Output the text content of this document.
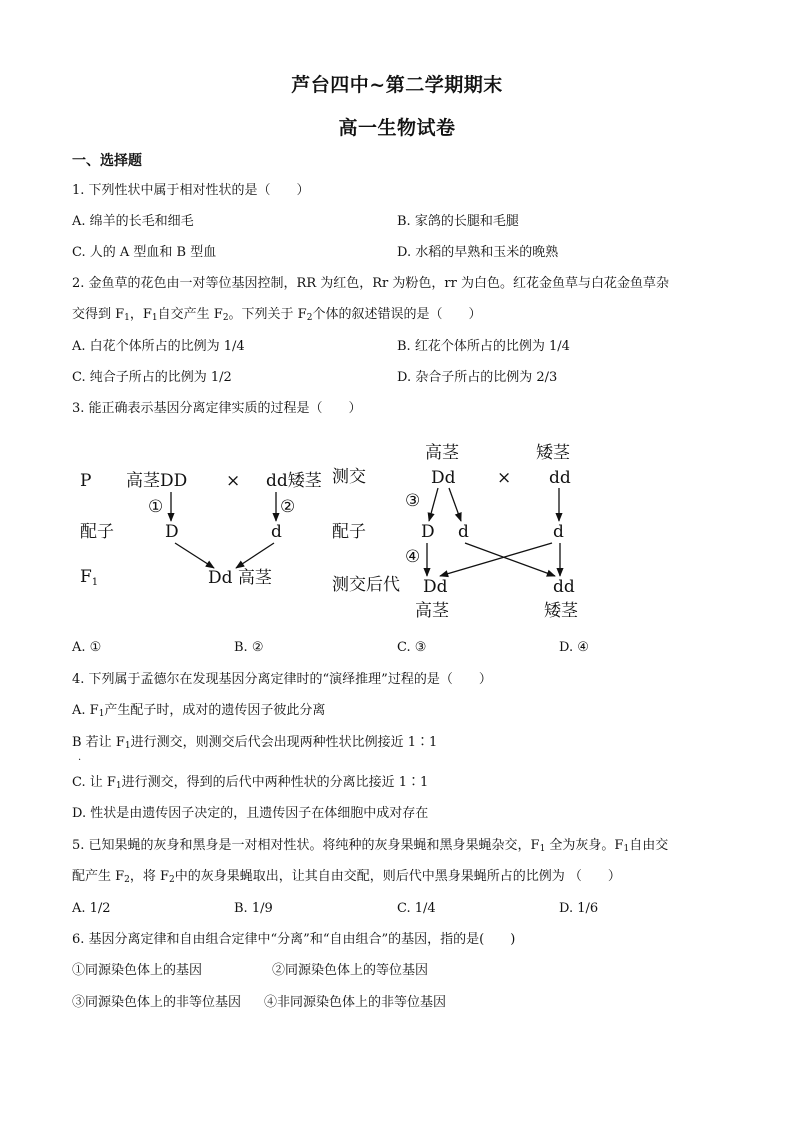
芦台四中~第二学期期末
高一生物试卷
一、选择题
1. 下列性状中属于相对性状的是（　　）
A. 绵羊的长毛和细毛	B. 家鸽的长腿和毛腿
C. 人的 A 型血和 B 型血	D. 水稻的早熟和玉米的晚熟
2. 金鱼草的花色由一对等位基因控制，RR 为红色，Rr 为粉色，rr 为白色。红花金鱼草与白花金鱼草杂
交得到 $F_1$，$F_1$自交产生 $F_2$。下列关于 $F_2$个体的叙述错误的是（　　）
A. 白花个体所占的比例为 1/4	B. 红花个体所占的比例为 1/4
C. 纯合子所占的比例为 1/2	D. 杂合子所占的比例为 2/3
3. 能正确表示基因分离定律实质的过程是（　　）
P 高茎DD × dd矮茎
①	②
配子	D	d
F1	Dd 高茎
高茎	矮茎
测交	Dd × dd
③
配子	D d	d
④
测交后代 Dd	dd
高茎	矮茎
A. ①	B. ②	C. ③	D. ④
4. 下列属于孟德尔在发现基因分离定律时的“演绎推理”过程的是（　　）
A. $F_1$产生配子时，成对的遗传因子彼此分离
B 若让 $F_1$进行测交，则测交后代会出现两种性状比例接近 1∶1
.
C. 让 $F_1$进行测交，得到的后代中两种性状的分离比接近 1∶1
D. 性状是由遗传因子决定的，且遗传因子在体细胞中成对存在
5. 已知果蝇的灰身和黑身是一对相对性状。将纯种的灰身果蝇和黑身果蝇杂交，$F_1$ 全为灰身。$F_1$自由交
配产生 $F_2$，将 $F_2$中的灰身果蝇取出，让其自由交配，则后代中黑身果蝇所占的比例为 （　　）
A. 1/2	B. 1/9	C. 1/4	D. 1/6
6. 基因分离定律和自由组合定律中“分离”和“自由组合”的基因，指的是(　　)
①同源染色体上的基因	②同源染色体上的等位基因
③同源染色体上的非等位基因 ④非同源染色体上的非等位基因
